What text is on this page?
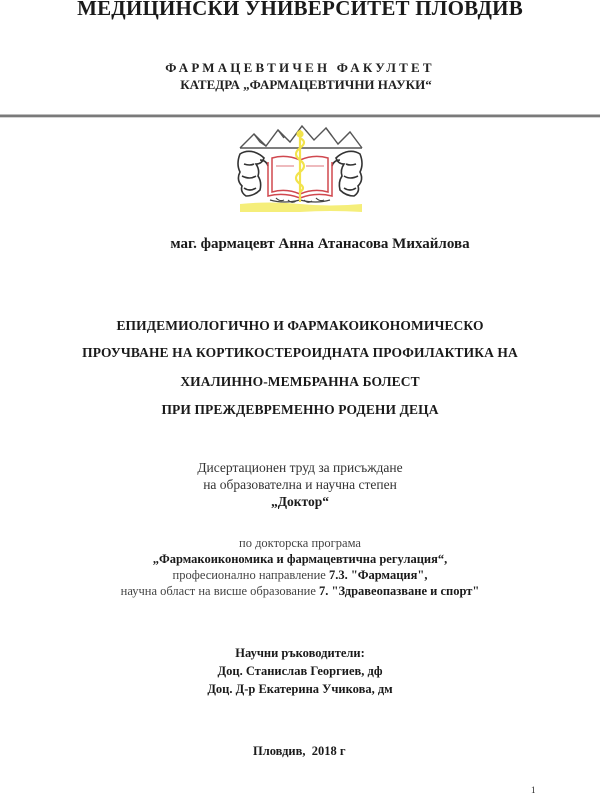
МЕДИЦИНСКИ УНИВЕРСИТЕТ ПЛОВДИВ
ФАРМАЦЕВТИЧЕН ФАКУЛТЕТ
КАТЕДРА „ФАРМАЦЕВТИЧНИ НАУКИ“
маг. фармацевт Анна Атанасова Михайлова
ЕПИДЕМИОЛОГИЧНО И ФАРМАКОИКОНОМИЧЕСКО
ПРОУЧВАНЕ НА КОРТИКОСТЕРОИДНАТА ПРОФИЛАКТИКА НА
ХИАЛИННО-МЕМБРАННА БОЛЕСТ
ПРИ ПРЕЖДЕВРЕМЕННО РОДЕНИ ДЕЦА
Дисертационен труд за присъждане
на образователна и научна степен
„Доктор“
по докторска програма
„Фармакоикономика и фармацевтична регулация“,
професионално направление 7.3. "Фармация",
научна област на висше образование 7. "Здравеопазване и спорт"
Научни ръководители:
Доц. Станислав Георгиев, дф
Доц. Д-р Екатерина Учикова, дм
Пловдив,  2018 г
1
